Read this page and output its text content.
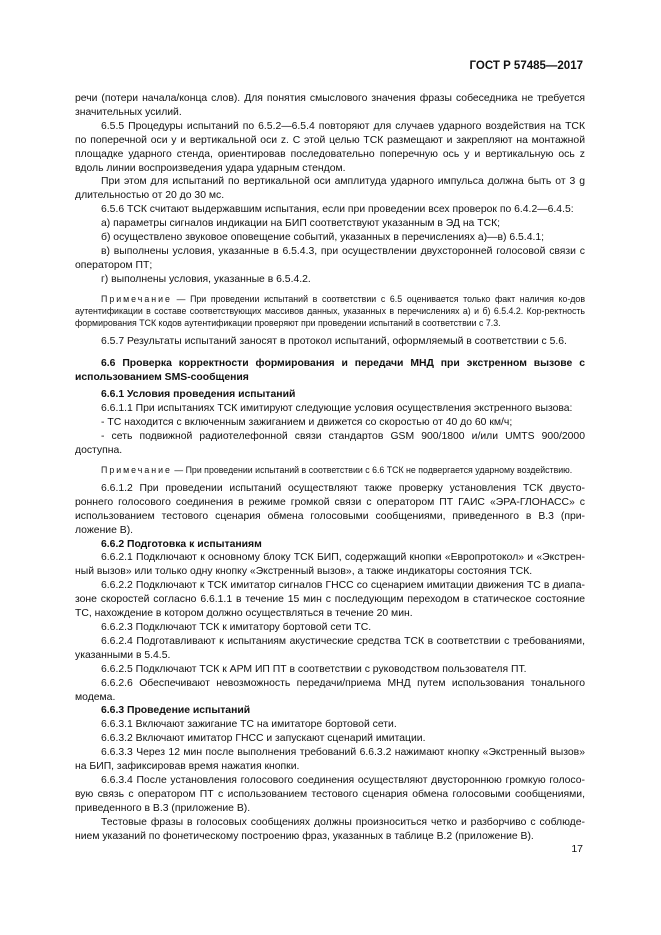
ГОСТ Р 57485—2017

речи (потери начала/конца слов). Для понятия смыслового значения фразы собеседника не требуется значительных усилий.

6.5.5 Процедуры испытаний по 6.5.2—6.5.4 повторяют для случаев ударного воздействия на ТСК по поперечной оси y и вертикальной оси z. С этой целью ТСК размещают и закрепляют на монтажной площадке ударного стенда, ориентировав последовательно поперечную ось y и вертикальную ось z вдоль линии воспроизведения удара ударным стендом.

При этом для испытаний по вертикальной оси амплитуда ударного импульса должна быть от 3 g длительностью от 20 до 30 мс.

6.5.6 ТСК считают выдержавшим испытания, если при проведении всех проверок по 6.4.2—6.4.5:

а) параметры сигналов индикации на БИП соответствуют указанным в ЭД на ТСК;

б) осуществлено звуковое оповещение событий, указанных в перечислениях а)—в) 6.5.4.1;

в) выполнены условия, указанные в 6.5.4.3, при осуществлении двухсторонней голосовой связи с оператором ПТ;

г) выполнены условия, указанные в 6.5.4.2.

Примечание — При проведении испытаний в соответствии с 6.5 оценивается только факт наличия ко-дов аутентификации в составе соответствующих массивов данных, указанных в перечислениях а) и б) 6.5.4.2. Кор-ректность формирования ТСК кодов аутентификации проверяют при проведении испытаний в соответствии с 7.3.

6.5.7 Результаты испытаний заносят в протокол испытаний, оформляемый в соответствии с 5.6.

6.6 Проверка корректности формирования и передачи МНД при экстренном вызове с использованием SMS-сообщения

6.6.1 Условия проведения испытаний

6.6.1.1 При испытаниях ТСК имитируют следующие условия осуществления экстренного вызова:

- ТС находится с включенным зажиганием и движется со скоростью от 40 до 60 км/ч;

- сеть подвижной радиотелефонной связи стандартов GSM 900/1800 и/или UMTS 900/2000 доступна.

Примечание — При проведении испытаний в соответствии с 6.6 ТСК не подвергается ударному воздействию.

6.6.1.2 При проведении испытаний осуществляют также проверку установления ТСК двусто-роннего голосового соединения в режиме громкой связи с оператором ПТ ГАИС «ЭРА-ГЛОНАСС» с использованием тестового сценария обмена голосовыми сообщениями, приведенного в В.3 (при-ложение В).

6.6.2 Подготовка к испытаниям

6.6.2.1 Подключают к основному блоку ТСК БИП, содержащий кнопки «Европротокол» и «Экстрен-ный вызов» или только одну кнопку «Экстренный вызов», а также индикаторы состояния ТСК.

6.6.2.2 Подключают к ТСК имитатор сигналов ГНСС со сценарием имитации движения ТС в диапа-зоне скоростей согласно 6.6.1.1 в течение 15 мин с последующим переходом в статическое состояние ТС, нахождение в котором должно осуществляться в течение 20 мин.

6.6.2.3 Подключают ТСК к имитатору бортовой сети ТС.

6.6.2.4 Подготавливают к испытаниям акустические средства ТСК в соответствии с требованиями, указанными в 5.4.5.

6.6.2.5 Подключают ТСК к АРМ ИП ПТ в соответствии с руководством пользователя ПТ.

6.6.2.6 Обеспечивают невозможность передачи/приема МНД путем использования тонального модема.

6.6.3 Проведение испытаний

6.6.3.1 Включают зажигание ТС на имитаторе бортовой сети.

6.6.3.2 Включают имитатор ГНСС и запускают сценарий имитации.

6.6.3.3 Через 12 мин после выполнения требований 6.6.3.2 нажимают кнопку «Экстренный вызов» на БИП, зафиксировав время нажатия кнопки.

6.6.3.4 После установления голосового соединения осуществляют двустороннюю громкую голосо-вую связь с оператором ПТ с использованием тестового сценария обмена голосовыми сообщениями, приведенного в В.3 (приложение В).

Тестовые фразы в голосовых сообщениях должны произноситься четко и разборчиво с соблюде-нием указаний по фонетическому построению фраз, указанных в таблице В.2 (приложение В).

17
